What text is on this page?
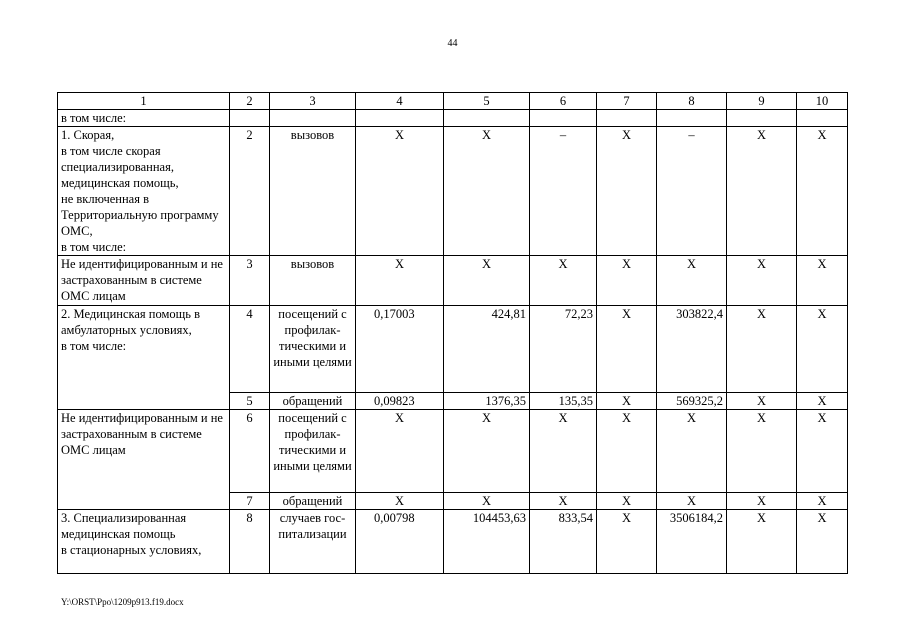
44
1	2	3	4	5	6	7	8	9	10
в том числе:									
1. Скорая,
в том числе скорая специализированная, медицинская помощь,
не включенная в Территориальную программу ОМС,
в том числе:	2	вызовов	Х	Х	–	Х	–	Х	Х
Не идентифицированным и не застрахованным в системе ОМС лицам	3	вызовов	Х	Х	Х	Х	Х	Х	Х
2. Медицинская помощь в амбулаторных условиях,
в том числе:	4	посещений с профилак-тическими и иными целями	0,17003	424,81	72,23	Х	303822,4	Х	Х
	5	обращений	0,09823	1376,35	135,35	Х	569325,2	Х	Х
Не идентифицированным и не застрахованным в системе ОМС лицам	6	посещений с профилак-тическими и иными целями	Х	Х	Х	Х	Х	Х	Х
	7	обращений	Х	Х	Х	Х	Х	Х	Х
3. Специализированная медицинская помощь
в стационарных условиях,	8	случаев гос-питализации	0,00798	104453,63	833,54	Х	3506184,2	Х	Х
Y:\ORST\Ppo\1209p913.f19.docx
